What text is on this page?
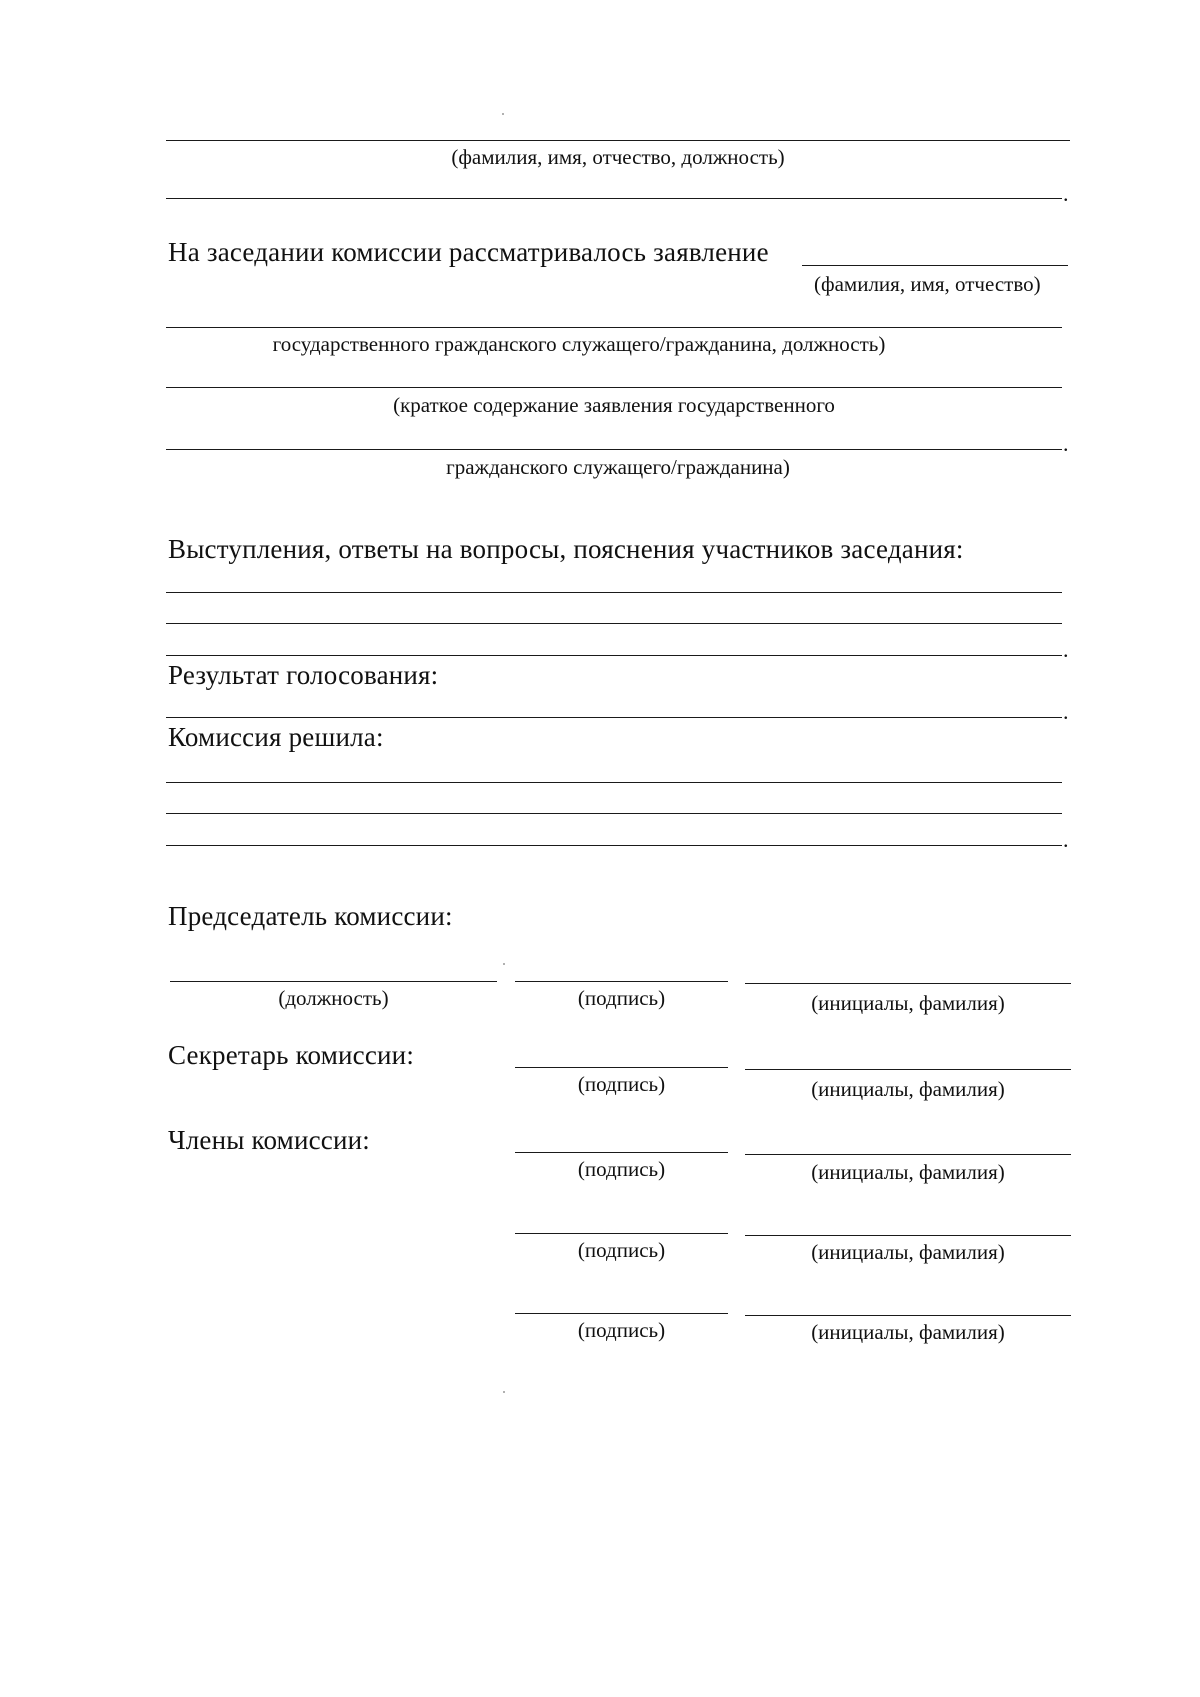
(фамилия, имя, отчество, должность)
.
На заседании комиссии рассматривалось заявление
(фамилия, имя, отчество)
государственного гражданского служащего/гражданина, должность)
(краткое содержание заявления государственного
.
гражданского служащего/гражданина)
Выступления, ответы на вопросы, пояснения участников заседания:
.
Результат голосования:
.
Комиссия решила:
.
Председатель комиссии:
(должность)	(подпись)	(инициалы, фамилия)
Секретарь комиссии:
(подпись)	(инициалы, фамилия)
Члены комиссии:
(подпись)	(инициалы, фамилия)
(подпись)	(инициалы, фамилия)
(подпись)	(инициалы, фамилия)
